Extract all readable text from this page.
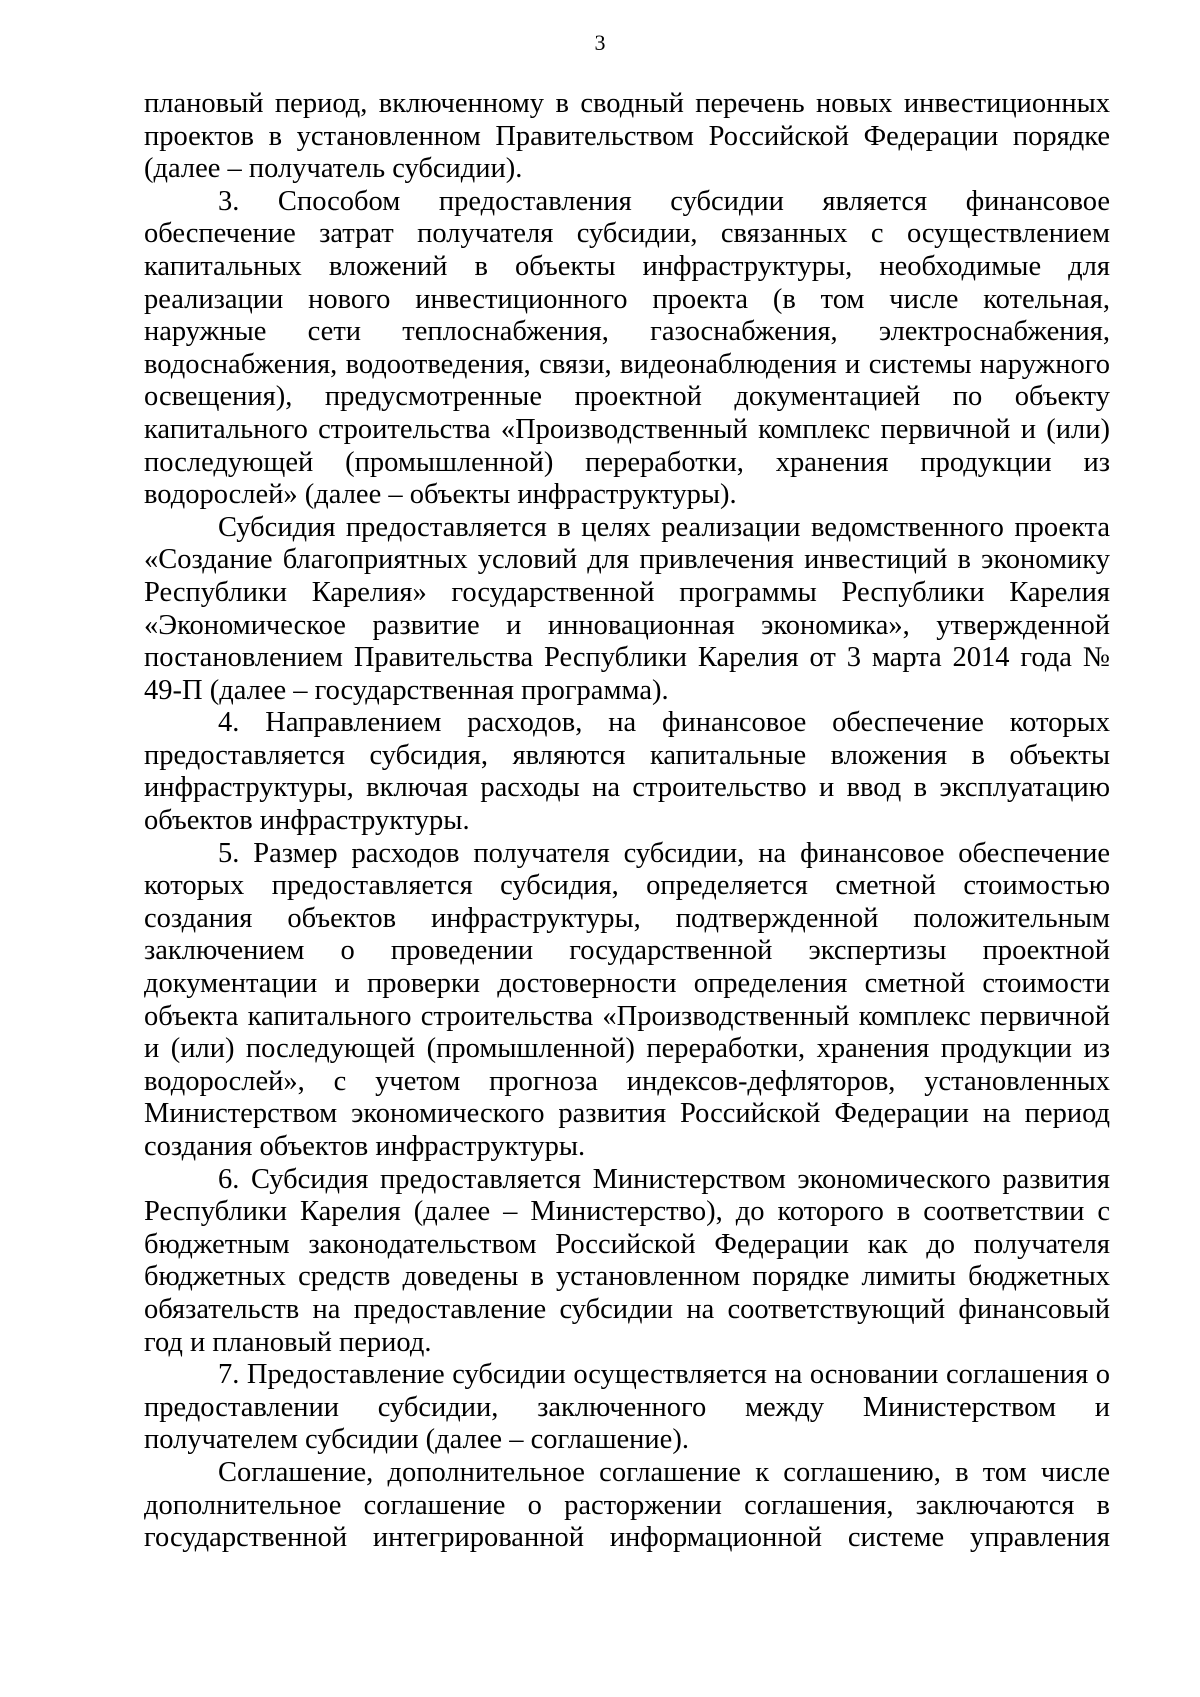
3

плановый период, включенному в сводный перечень новых инвестиционных проектов в установленном Правительством Российской Федерации порядке (далее – получатель субсидии).

3. Способом предоставления субсидии является финансовое обеспечение затрат получателя субсидии, связанных с осуществлением капитальных вложений в объекты инфраструктуры, необходимые для реализации нового инвестиционного проекта (в том числе котельная, наружные сети теплоснабжения, газоснабжения, электроснабжения, водоснабжения, водоотведения, связи, видеонаблюдения и системы наружного освещения), предусмотренные проектной документацией по объекту капитального строительства «Производственный комплекс первичной и (или) последующей (промышленной) переработки, хранения продукции из водорослей» (далее – объекты инфраструктуры).

Субсидия предоставляется в целях реализации ведомственного проекта «Создание благоприятных условий для привлечения инвестиций в экономику Республики Карелия» государственной программы Республики Карелия «Экономическое развитие и инновационная экономика», утвержденной постановлением Правительства Республики Карелия от 3 марта 2014 года № 49-П (далее – государственная программа).

4. Направлением расходов, на финансовое обеспечение которых предоставляется субсидия, являются капитальные вложения в объекты инфраструктуры, включая расходы на строительство и ввод в эксплуатацию объектов инфраструктуры.

5. Размер расходов получателя субсидии, на финансовое обеспечение которых предоставляется субсидия, определяется сметной стоимостью создания объектов инфраструктуры, подтвержденной положительным заключением о проведении государственной экспертизы проектной документации и проверки достоверности определения сметной стоимости объекта капитального строительства «Производственный комплекс первичной и (или) последующей (промышленной) переработки, хранения продукции из водорослей», с учетом прогноза индексов-дефляторов, установленных Министерством экономического развития Российской Федерации на период создания объектов инфраструктуры.

6. Субсидия предоставляется Министерством экономического развития Республики Карелия (далее – Министерство), до которого в соответствии с бюджетным законодательством Российской Федерации как до получателя бюджетных средств доведены в установленном порядке лимиты бюджетных обязательств на предоставление субсидии на соответствующий финансовый год и плановый период.

7. Предоставление субсидии осуществляется на основании соглашения о предоставлении субсидии, заключенного между Министерством и получателем субсидии (далее – соглашение).

Соглашение, дополнительное соглашение к соглашению, в том числе дополнительное соглашение о расторжении соглашения, заключаются в государственной интегрированной информационной системе управления
